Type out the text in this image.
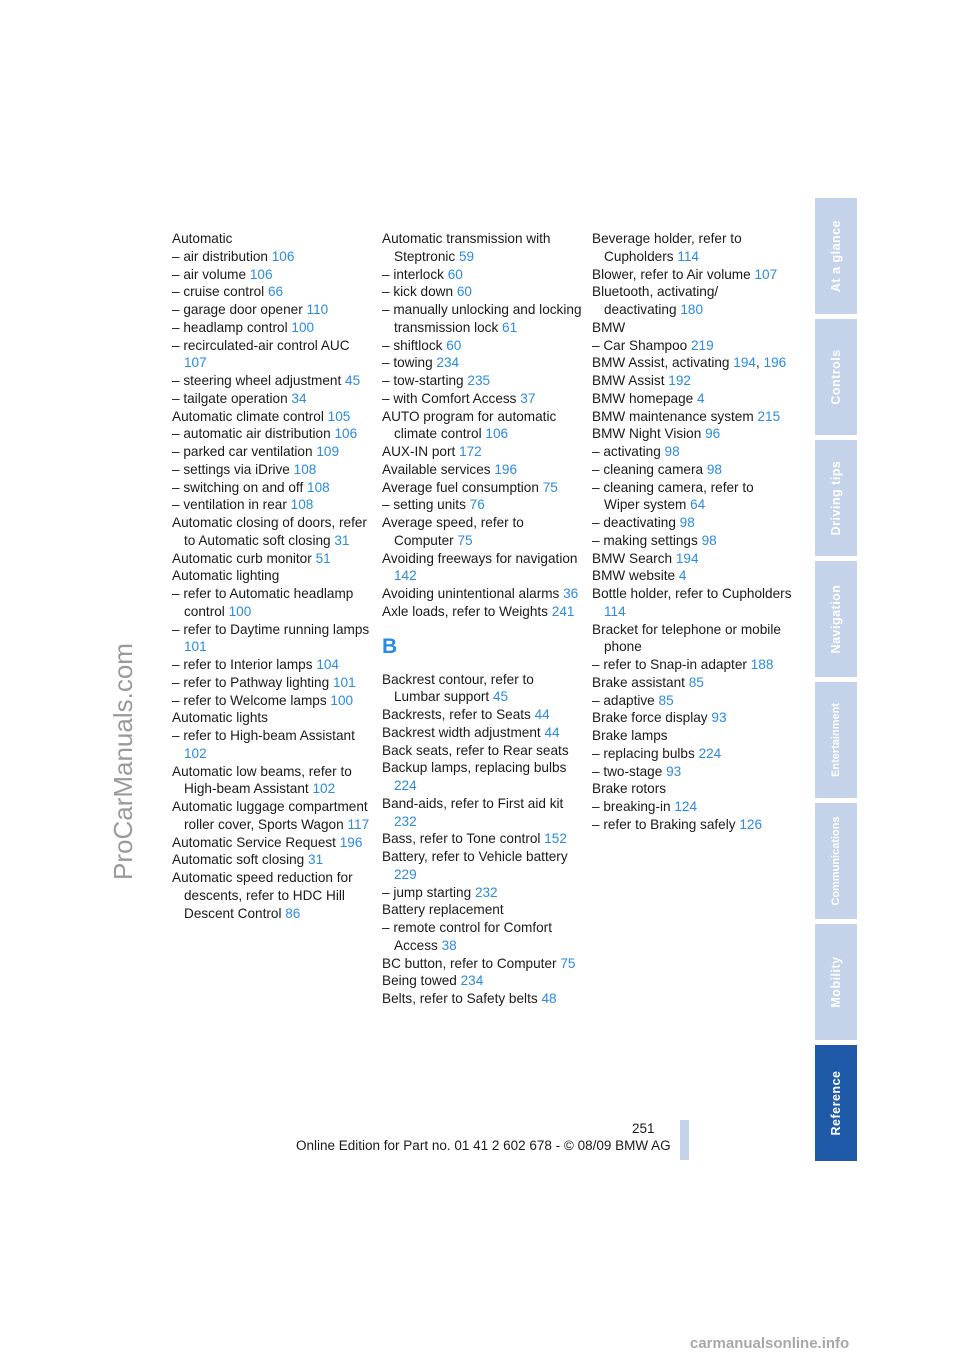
ProCarManuals.com
Automatic
– air distribution 106
– air volume 106
– cruise control 66
– garage door opener 110
– headlamp control 100
– recirculated-air control AUC 107
– steering wheel adjustment 45
– tailgate operation 34
Automatic climate control 105
– automatic air distribution 106
– parked car ventilation 109
– settings via iDrive 108
– switching on and off 108
– ventilation in rear 108
Automatic closing of doors, refer to Automatic soft closing 31
Automatic curb monitor 51
Automatic lighting
– refer to Automatic headlamp control 100
– refer to Daytime running lamps 101
– refer to Interior lamps 104
– refer to Pathway lighting 101
– refer to Welcome lamps 100
Automatic lights
– refer to High-beam Assistant 102
Automatic low beams, refer to High-beam Assistant 102
Automatic luggage compartment roller cover, Sports Wagon 117
Automatic Service Request 196
Automatic soft closing 31
Automatic speed reduction for descents, refer to HDC Hill Descent Control 86
Automatic transmission with Steptronic 59
– interlock 60
– kick down 60
– manually unlocking and locking transmission lock 61
– shiftlock 60
– towing 234
– tow-starting 235
– with Comfort Access 37
AUTO program for automatic climate control 106
AUX-IN port 172
Available services 196
Average fuel consumption 75
– setting units 76
Average speed, refer to Computer 75
Avoiding freeways for navigation 142
Avoiding unintentional alarms 36
Axle loads, refer to Weights 241
B
Backrest contour, refer to Lumbar support 45
Backrests, refer to Seats 44
Backrest width adjustment 44
Back seats, refer to Rear seats
Backup lamps, replacing bulbs 224
Band-aids, refer to First aid kit 232
Bass, refer to Tone control 152
Battery, refer to Vehicle battery 229
– jump starting 232
Battery replacement
– remote control for Comfort Access 38
BC button, refer to Computer 75
Being towed 234
Belts, refer to Safety belts 48
Beverage holder, refer to Cupholders 114
Blower, refer to Air volume 107
Bluetooth, activating/ deactivating 180
BMW
– Car Shampoo 219
BMW Assist, activating 194, 196
BMW Assist 192
BMW homepage 4
BMW maintenance system 215
BMW Night Vision 96
– activating 98
– cleaning camera 98
– cleaning camera, refer to Wiper system 64
– deactivating 98
– making settings 98
BMW Search 194
BMW website 4
Bottle holder, refer to Cupholders 114
Bracket for telephone or mobile phone
– refer to Snap-in adapter 188
Brake assistant 85
– adaptive 85
Brake force display 93
Brake lamps
– replacing bulbs 224
– two-stage 93
Brake rotors
– breaking-in 124
– refer to Braking safely 126
At a glance
Controls
Driving tips
Navigation
Entertainment
Communications
Mobility
Reference
251
Online Edition for Part no. 01 41 2 602 678 - © 08/09 BMW AG
carmanualsonline.info
